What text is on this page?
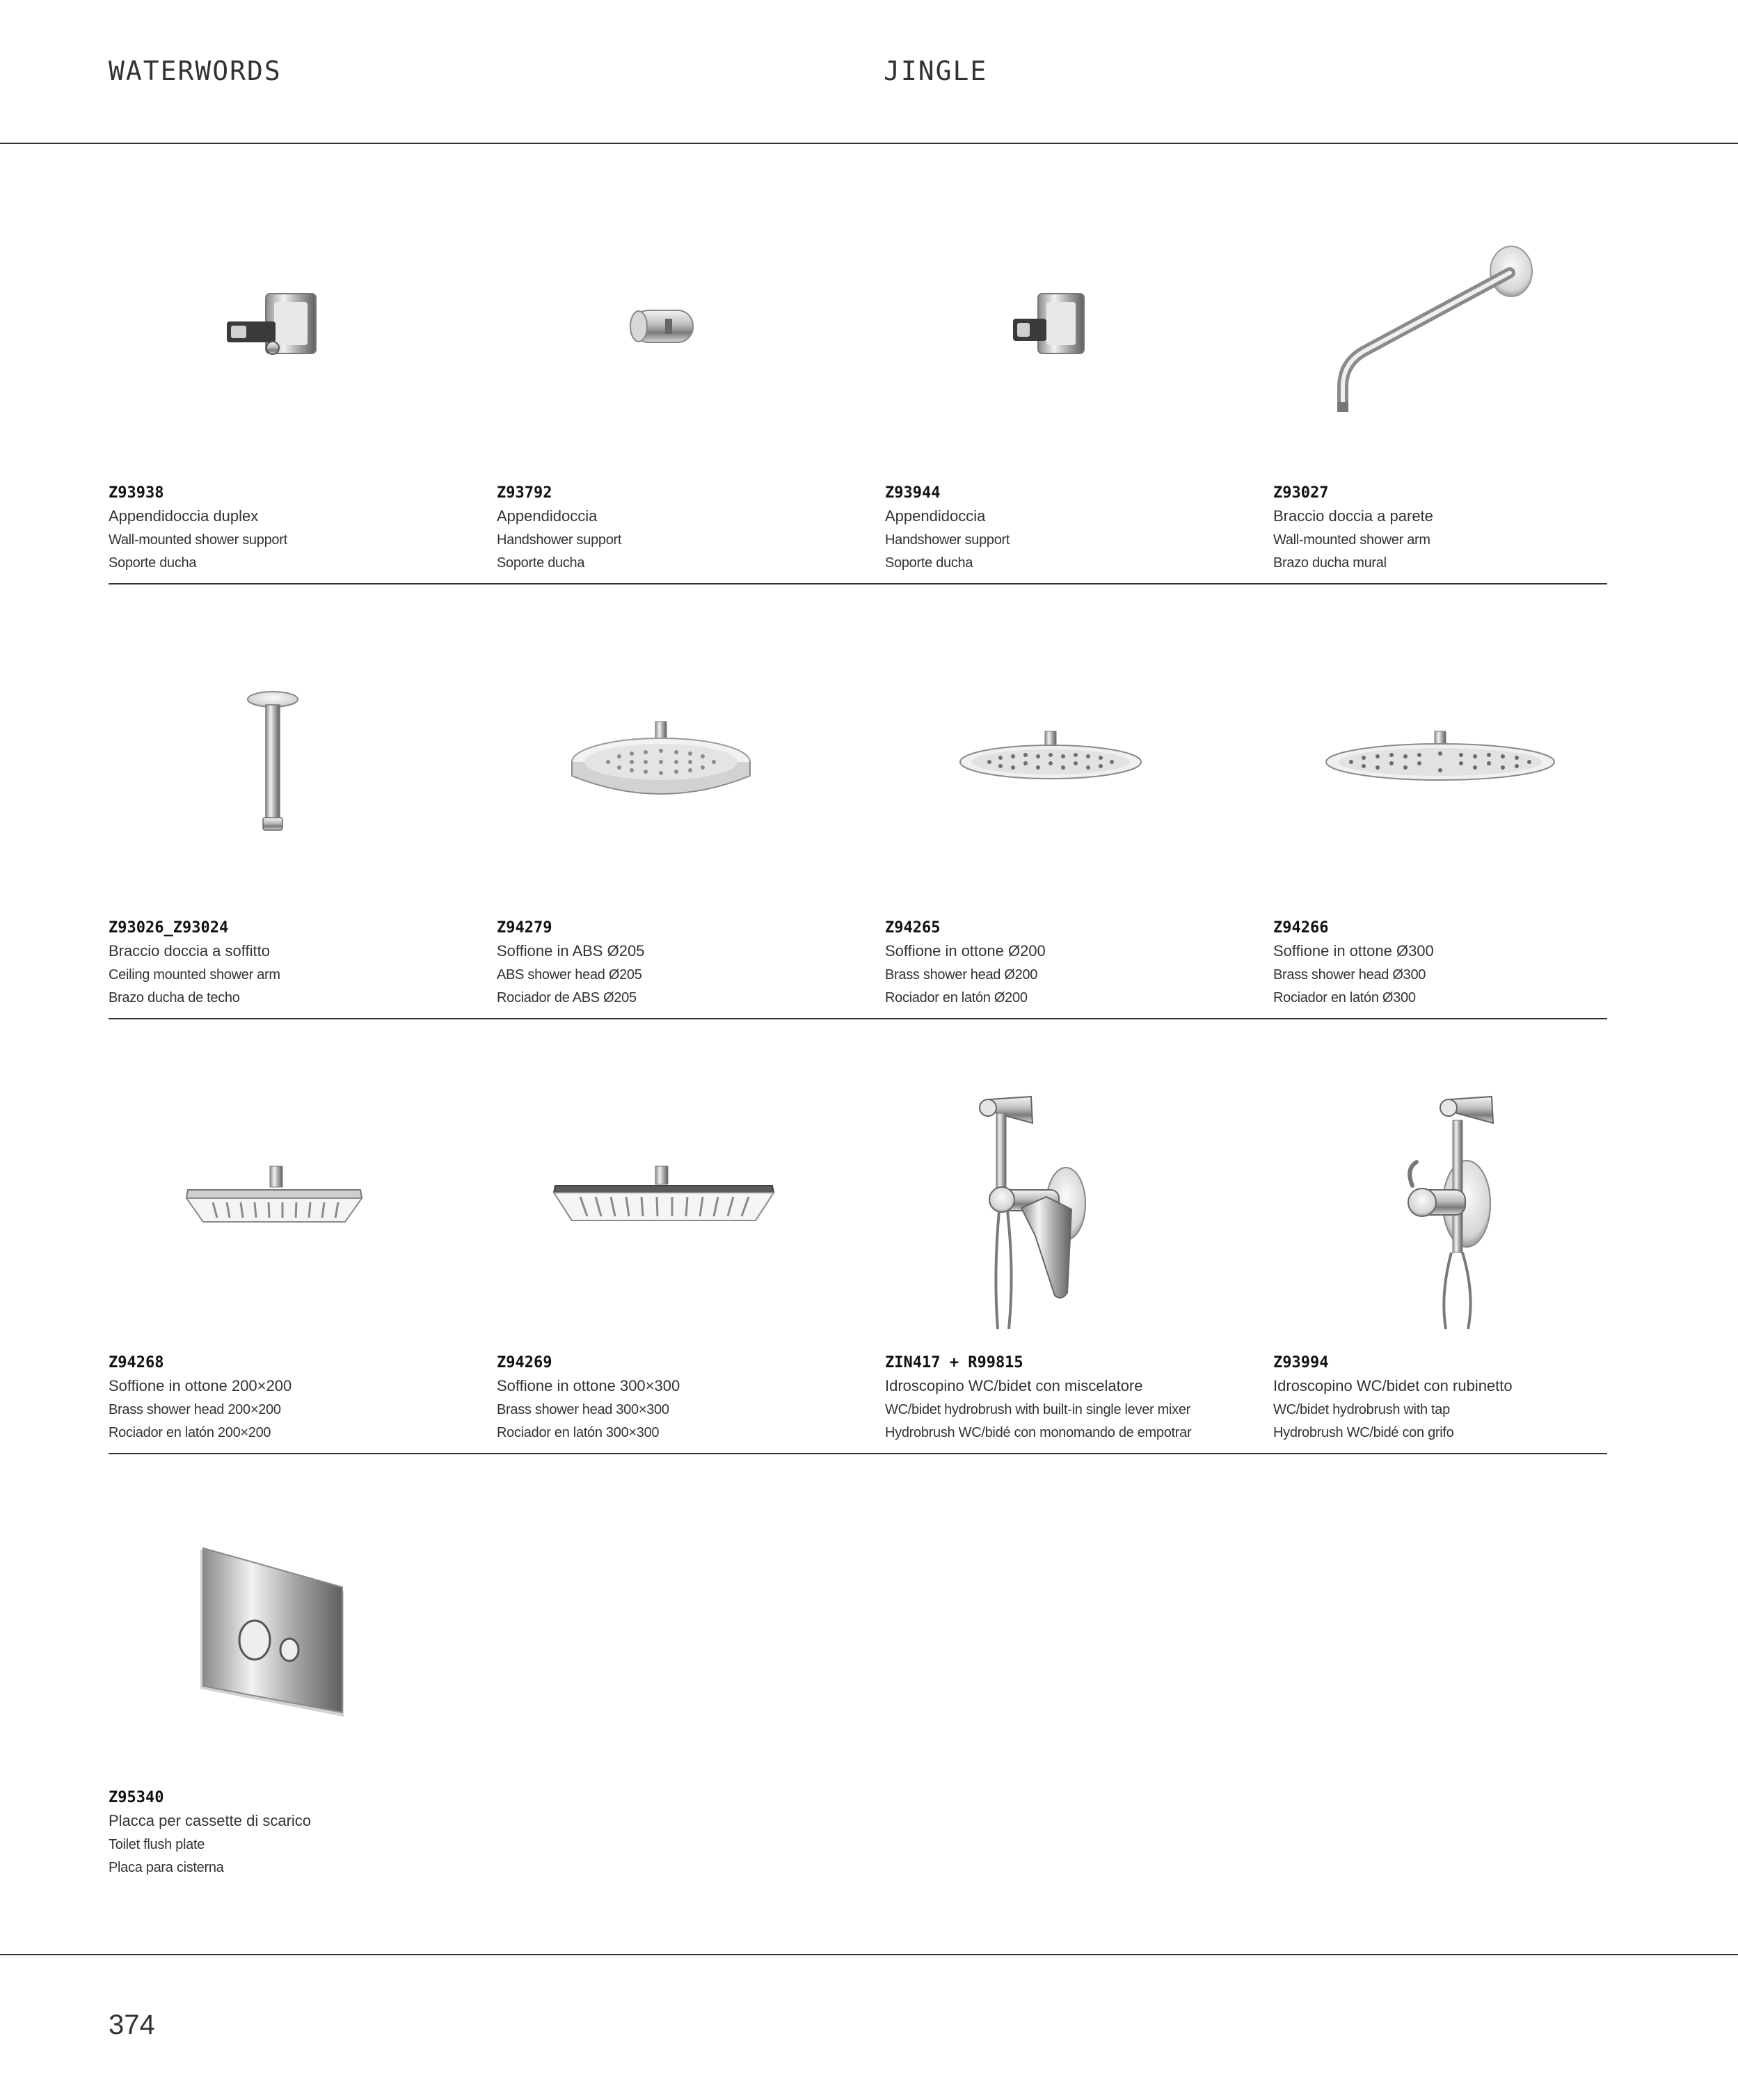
WATERWORDS	JINGLE
Z93938
Appendidoccia duplex
Wall-mounted shower support
Soporte ducha
Z93792
Appendidoccia
Handshower support
Soporte ducha
Z93944
Appendidoccia
Handshower support
Soporte ducha
Z93027
Braccio doccia a parete
Wall-mounted shower arm
Brazo ducha mural
Z93026_Z93024
Braccio doccia a soffitto
Ceiling mounted shower arm
Brazo ducha de techo
Z94279
Soffione in ABS Ø205
ABS shower head Ø205
Rociador de ABS Ø205
Z94265
Soffione in ottone Ø200
Brass shower head Ø200
Rociador en latón Ø200
Z94266
Soffione in ottone Ø300
Brass shower head Ø300
Rociador en latón Ø300
Z94268
Soffione in ottone 200×200
Brass shower head 200×200
Rociador en latón 200×200
Z94269
Soffione in ottone 300×300
Brass shower head 300×300
Rociador en latón 300×300
ZIN417 + R99815
Idroscopino WC/bidet con miscelatore
WC/bidet hydrobrush with built-in single lever mixer
Hydrobrush WC/bidé con monomando de empotrar
Z93994
Idroscopino WC/bidet con rubinetto
WC/bidet hydrobrush with tap
Hydrobrush WC/bidé con grifo
Z95340
Placca per cassette di scarico
Toilet flush plate
Placa para cisterna
374
